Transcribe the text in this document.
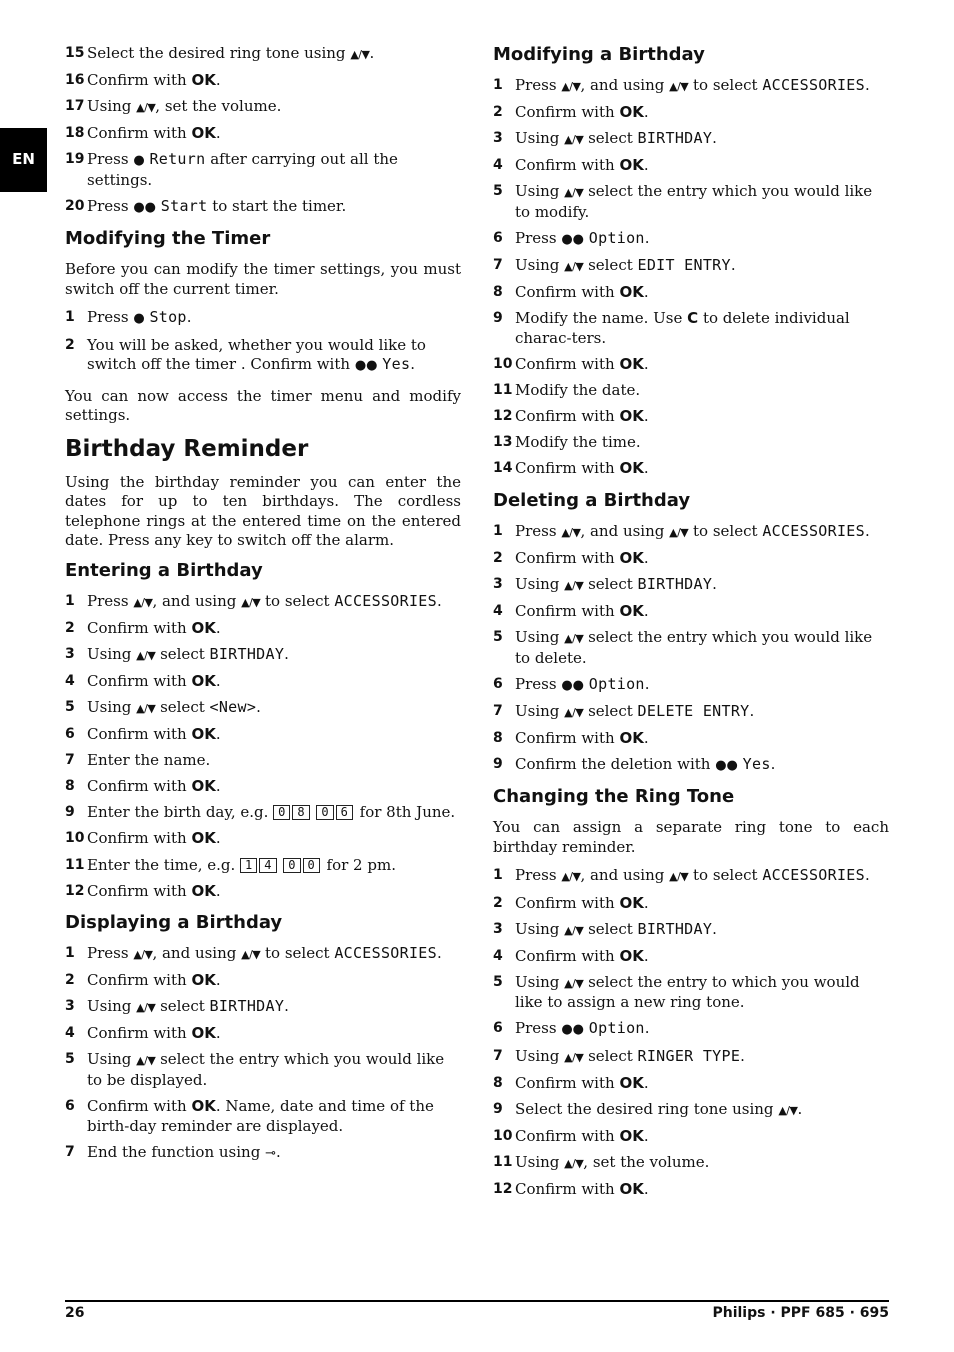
EN
15 Select the desired ring tone using ▲/▼.
16 Confirm with OK.
17 Using ▲/▼, set the volume.
18 Confirm with OK.
19 Press ● Return after carrying out all the settings.
20 Press ●● Start to start the timer.
Modifying the Timer

Before you can modify the timer settings, you must switch off the current timer.

1 Press ● Stop.
2 You will be asked, whether you would like to switch off the timer . Confirm with ●● Yes.

You can now access the timer menu and modify settings.

Birthday Reminder

Using the birthday reminder you can enter the dates for up to ten birthdays. The cordless telephone rings at the entered time on the entered date. Press any key to switch off the alarm.

Entering a Birthday
1 Press ▲/▼, and using ▲/▼ to select ACCESSORIES.
2 Confirm with OK.
3 Using ▲/▼ select BIRTHDAY.
4 Confirm with OK.
5 Using ▲/▼ select <New>.
6 Confirm with OK.
7 Enter the name.
8 Confirm with OK.
9 Enter the birth day, e.g. 0 8 0 6 for 8th June.
10 Confirm with OK.
11 Enter the time, e.g. 1 4 0 0 for 2 pm.
12 Confirm with OK.
Displaying a Birthday
1 Press ▲/▼, and using ▲/▼ to select ACCESSORIES.
2 Confirm with OK.
3 Using ▲/▼ select BIRTHDAY.
4 Confirm with OK.
5 Using ▲/▼ select the entry which you would like to be displayed.
6 Confirm with OK. Name, date and time of the birth-day reminder are displayed.
7 End the function using ⊸.
Modifying a Birthday
1 Press ▲/▼, and using ▲/▼ to select ACCESSORIES.
2 Confirm with OK.
3 Using ▲/▼ select BIRTHDAY.
4 Confirm with OK.
5 Using ▲/▼ select the entry which you would like to modify.
6 Press ●● Option.
7 Using ▲/▼ select EDIT ENTRY.
8 Confirm with OK.
9 Modify the name. Use C to delete individual charac-ters.
10 Confirm with OK.
11 Modify the date.
12 Confirm with OK.
13 Modify the time.
14 Confirm with OK.
Deleting a Birthday
1 Press ▲/▼, and using ▲/▼ to select ACCESSORIES.
2 Confirm with OK.
3 Using ▲/▼ select BIRTHDAY.
4 Confirm with OK.
5 Using ▲/▼ select the entry which you would like to delete.
6 Press ●● Option.
7 Using ▲/▼ select DELETE ENTRY.
8 Confirm with OK.
9 Confirm the deletion with ●● Yes.
Changing the Ring Tone

You can assign a separate ring tone to each birthday reminder.

1 Press ▲/▼, and using ▲/▼ to select ACCESSORIES.
2 Confirm with OK.
3 Using ▲/▼ select BIRTHDAY.
4 Confirm with OK.
5 Using ▲/▼ select the entry to which you would like to assign a new ring tone.
6 Press ●● Option.
7 Using ▲/▼ select RINGER TYPE.
8 Confirm with OK.
9 Select the desired ring tone using ▲/▼.
10 Confirm with OK.
11 Using ▲/▼, set the volume.
12 Confirm with OK.
26	Philips · PPF 685 · 695
